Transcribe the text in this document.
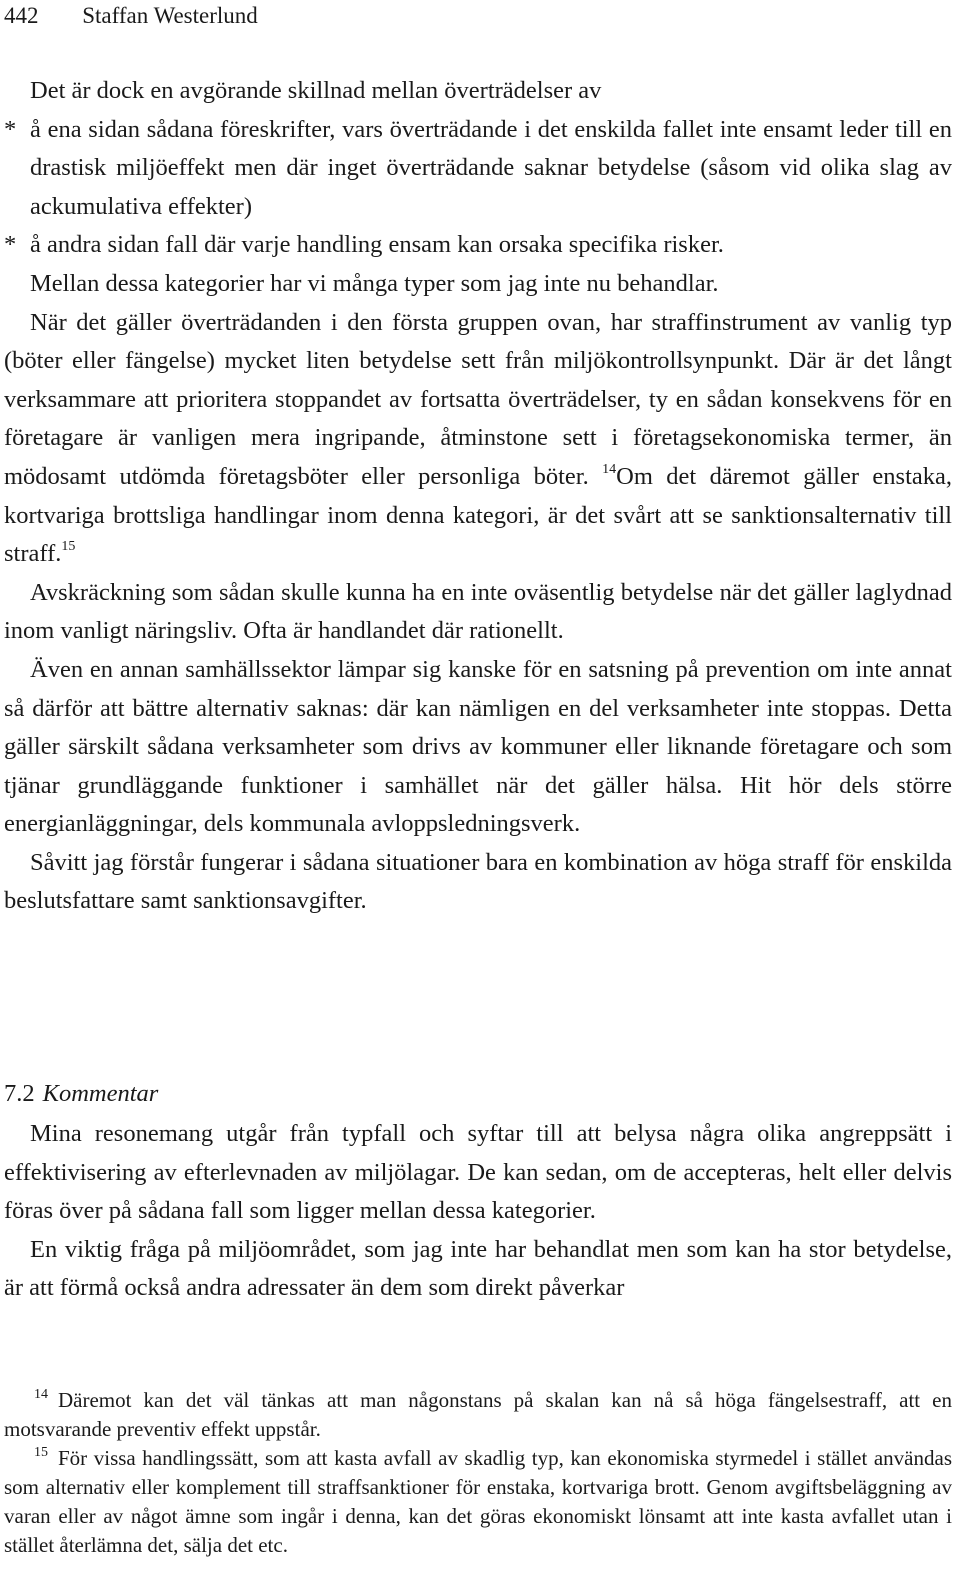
442 Staffan Westerlund

Det är dock en avgörande skillnad mellan överträdelser av

* å ena sidan sådana föreskrifter, vars överträdande i det enskilda fallet inte ensamt leder till en drastisk miljöeffekt men där inget överträdande saknar betydelse (såsom vid olika slag av ackumulativa effekter)

* å andra sidan fall där varje handling ensam kan orsaka specifika risker.

Mellan dessa kategorier har vi många typer som jag inte nu behandlar.

När det gäller överträdanden i den första gruppen ovan, har straffinstrument av vanlig typ (böter eller fängelse) mycket liten betydelse sett från miljökontrollsynpunkt. Där är det långt verksammare att prioritera stoppandet av fortsatta överträdelser, ty en sådan konsekvens för en företagare är vanligen mera ingripande, åtminstone sett i företagsekonomiska termer, än mödosamt utdömda företagsböter eller personliga böter. $^{14}$Om det däremot gäller enstaka, kortvariga brottsliga handlingar inom denna kategori, är det svårt att se sanktionsalternativ till straff.$^{15}$

Avskräckning som sådan skulle kunna ha en inte oväsentlig betydelse när det gäller laglydnad inom vanligt näringsliv. Ofta är handlandet där rationellt.

Även en annan samhällssektor lämpar sig kanske för en satsning på prevention om inte annat så därför att bättre alternativ saknas: där kan nämligen en del verksamheter inte stoppas. Detta gäller särskilt sådana verksamheter som drivs av kommuner eller liknande företagare och som tjänar grundläggande funktioner i samhället när det gäller hälsa. Hit hör dels större energianläggningar, dels kommunala avloppsledningsverk.

Såvitt jag förstår fungerar i sådana situationer bara en kombination av höga straff för enskilda beslutsfattare samt sanktionsavgifter.

7.2 Kommentar

Mina resonemang utgår från typfall och syftar till att belysa några olika angreppsätt i effektivisering av efterlevnaden av miljölagar. De kan sedan, om de accepteras, helt eller delvis föras över på sådana fall som ligger mellan dessa kategorier.

En viktig fråga på miljöområdet, som jag inte har behandlat men som kan ha stor betydelse, är att förmå också andra adressater än dem som direkt påverkar

$^{14}$ Däremot kan det väl tänkas att man någonstans på skalan kan nå så höga fängelsestraff, att en motsvarande preventiv effekt uppstår.

$^{15}$ För vissa handlingssätt, som att kasta avfall av skadlig typ, kan ekonomiska styrmedel i stället användas som alternativ eller komplement till straffsanktioner för enstaka, kortvariga brott. Genom avgiftsbeläggning av varan eller av något ämne som ingår i denna, kan det göras ekonomiskt lönsamt att inte kasta avfallet utan i stället återlämna det, sälja det etc.
